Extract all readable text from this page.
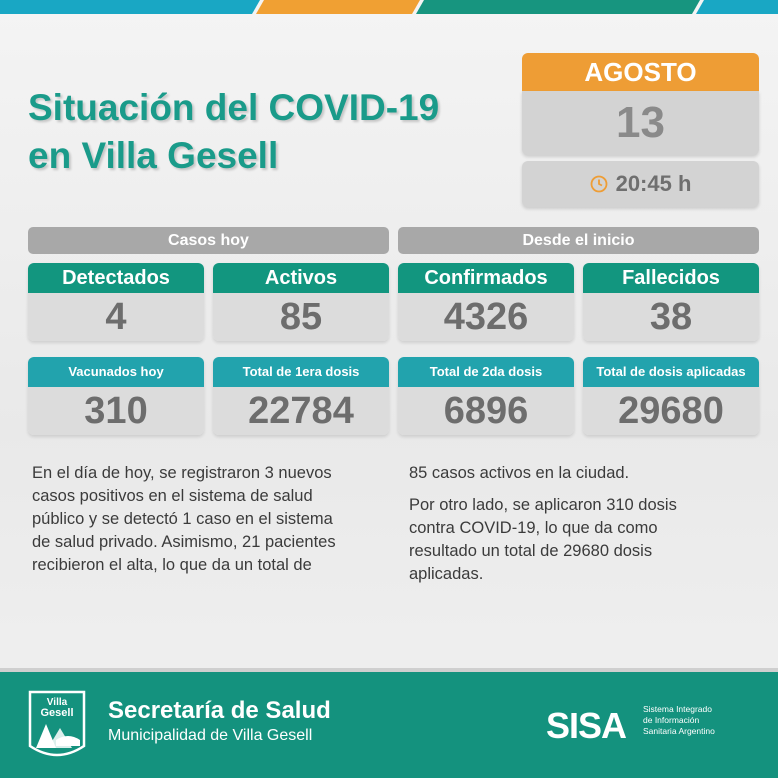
Situación del COVID-19
en Villa Gesell
AGOSTO
13
20:45 h
Casos hoy	Desde el inicio
Detectados
4
Activos
85
Confirmados
4326
Fallecidos
38
Vacunados hoy
310
Total de 1era dosis
22784
Total de 2da dosis
6896
Total de dosis aplicadas
29680
En el día de hoy, se registraron 3 nuevos
casos positivos en el sistema de salud
público y se detectó 1 caso en el sistema
de salud privado. Asimismo, 21 pacientes
recibieron el alta, lo que da un total de
85 casos activos en la ciudad.
Por otro lado, se aplicaron 310 dosis
contra COVID-19, lo que da como
resultado un total de 29680 dosis
aplicadas.
Villa
Gesell Secretaría de Salud
Municipalidad de Villa Gesell	SISA Sistema Integrado
de Información
Sanitaria Argentino
